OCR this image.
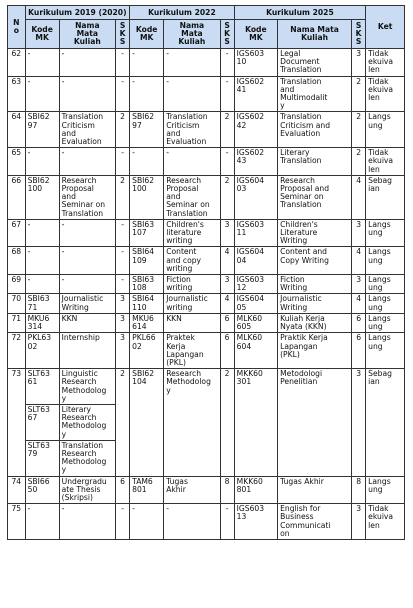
N
o	Kurikulum 2019 (2020)			Kurikulum 2022			Kurikulum 2025			Ket
	Kode
MK	Nama
Mata
Kuliah	S
K
S	Kode
MK	Nama
Mata
Kuliah	S
K
S	Kode
MK	Nama Mata
Kuliah	S
K
S	
62	-	-	-	-	-	-	IGS603
10	Legal
Document
Translation	3	Tidak
ekuiva
len
63	-	-	-	-	-	-	IGS602
41	Translation
and
Multimodalit
y	2	Tidak
ekuiva
len
64	SBI62
97	Translation
Criticism
and
Evaluation	2	SBI62
97	Translation
Criticism
and
Evaluation	2	IGS602
42	Translation
Criticism and
Evaluation	2	Langs
ung
65	-	-	-	-	-	-	IGS602
43	Literary
Translation	2	Tidak
ekuiva
len
66	SBI62
100	Research
Proposal
and
Seminar on
Translation	2	SBI62
100	Research
Proposal
and
Seminar on
Translation	2	IGS604
03	Research
Proposal and
Seminar on
Translation	4	Sebag
ian
67	-	-	-	SBI63
107	Children's
literature
writing	3	IGS603
11	Children's
Literature
Writing	3	Langs
ung
68	-	-	-	SBI64
109	Content
and copy
writing	4	IGS604
04	Content and
Copy Writing	4	Langs
ung
69	-	-	-	SBI63
108	Fiction
writing	3	IGS603
12	Fiction
Writing	3	Langs
ung
70	SBI63
71	Journalistic
Writing	3	SBI64
110	Journalistic
writing	4	IGS604
05	Journalistic
Writing	4	Langs
ung
71	MKU6
314	KKN	3	MKU6
614	KKN	6	MLK60
605	Kuliah Kerja
Nyata (KKN)	6	Langs
ung
72	PKL63
02	Internship	3	PKL66
02	Praktek
Kerja
Lapangan
(PKL)	6	MLK60
604	Praktik Kerja
Lapangan
(PKL)	6	Langs
ung
73	SLT63
61	Linguistic
Research
Methodolog
y	2	SBI62
104	Research
Methodolog
y	2	MKK60
301	Metodologi
Penelitian	3	Sebag
ian
	SLT63
67	Literary
Research
Methodolog
y								
	SLT63
79	Translation
Research
Methodolog
y								
74	SBI66
50	Undergradu
ate Thesis
(Skripsi)	6	TAM6
801	Tugas
Akhir	8	MKK60
801	Tugas Akhir	8	Langs
ung
75	-	-	-	-	-	-	IGS603
13	English for
Business
Communicati
on	3	Tidak
ekuiva
len
